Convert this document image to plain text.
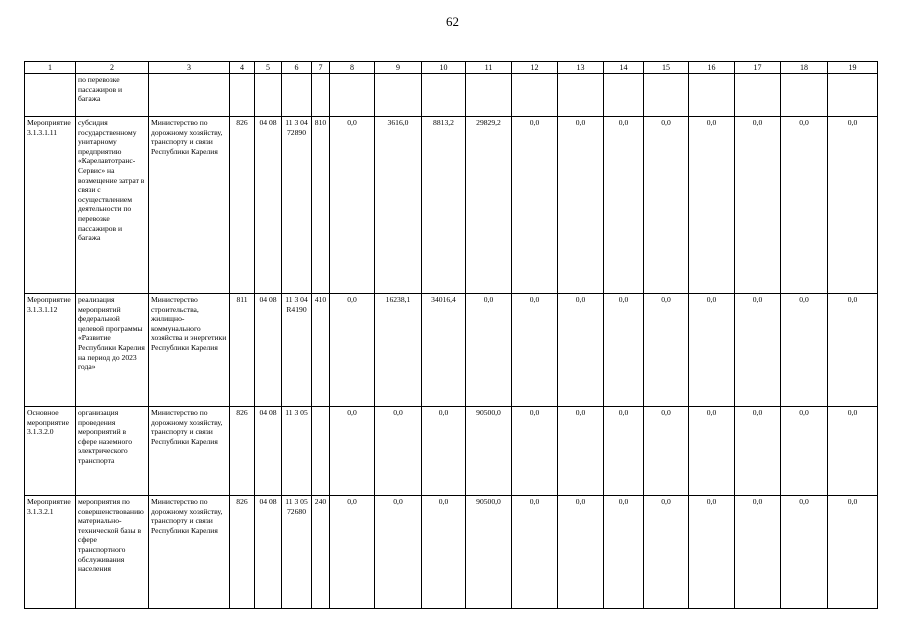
62
1	2	3	4	5	6	7	8	9	10	11	12	13	14	15	16	17	18	19
	по перевозке пассажиров и багажа																	
Мероприятие 3.1.3.1.11	субсидия государственному унитарному предприятию «Карелавтотранс-Сервис» на возмещение затрат в связи с осуществлением деятельности по перевозке пассажиров и багажа	Министерство по дорожному хозяйству, транспорту и связи Республики Карелия	826	04 08	11 3 04 72890	810	0,0	3616,0	8813,2	29829,2	0,0	0,0	0,0	0,0	0,0	0,0	0,0	0,0
Мероприятие 3.1.3.1.12	реализация мероприятий федеральной целевой программы «Развитие Республики Карелия на период до 2023 года»	Министерство строительства, жилищно-коммунального хозяйства и энергетики Республики Карелия	811	04 08	11 3 04 R4190	410	0,0	16238,1	34016,4	0,0	0,0	0,0	0,0	0,0	0,0	0,0	0,0	0,0
Основное мероприятие 3.1.3.2.0	организация проведения мероприятий в сфере наземного электрического транспорта	Министерство по дорожному хозяйству, транспорту и связи Республики Карелия	826	04 08	11 3 05		0,0	0,0	0,0	90500,0	0,0	0,0	0,0	0,0	0,0	0,0	0,0	0,0
Мероприятие 3.1.3.2.1	мероприятия по совершенствованию материально-технической базы в сфере транспортного обслуживания населения	Министерство по дорожному хозяйству, транспорту и связи Республики Карелия	826	04 08	11 3 05 72680	240	0,0	0,0	0,0	90500,0	0,0	0,0	0,0	0,0	0,0	0,0	0,0	0,0
